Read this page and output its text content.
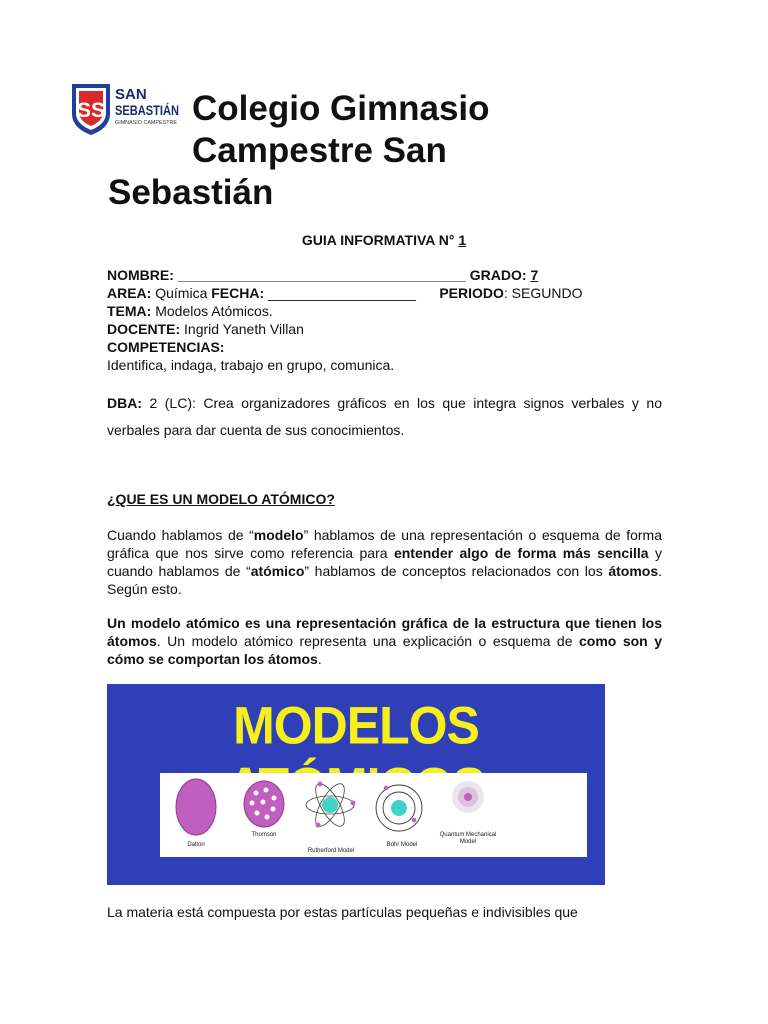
SS
SAN
SEBASTIÁN
GIMNASIO CAMPESTRE Colegio Gimnasio
Campestre San
Sebastián
GUIA INFORMATIVA N° 1
NOMBRE: _____________________________________ GRADO: 7
AREA: Química FECHA: ___________________ PERIODO: SEGUNDO
TEMA: Modelos Atómicos.
DOCENTE: Ingrid Yaneth Villan
COMPETENCIAS:
Identifica, indaga, trabajo en grupo, comunica.
DBA: 2 (LC): Crea organizadores gráficos en los que integra signos verbales y no verbales para dar cuenta de sus conocimientos.
¿QUE ES UN MODELO ATÓMICO?
Cuando hablamos de “modelo” hablamos de una representación o esquema de forma gráfica que nos sirve como referencia para entender algo de forma más sencilla y cuando hablamos de “atómico” hablamos de conceptos relacionados con los átomos. Según esto.
Un modelo atómico es una representación gráfica de la estructura que tienen los átomos. Un modelo atómico representa una explicación o esquema de como son y cómo se comportan los átomos.
MODELOS
Dalton
Thomson
Rutherford Model
Bohr Model
Quantum Mechanical
Model
La materia está compuesta por estas partículas pequeñas e indivisibles que
